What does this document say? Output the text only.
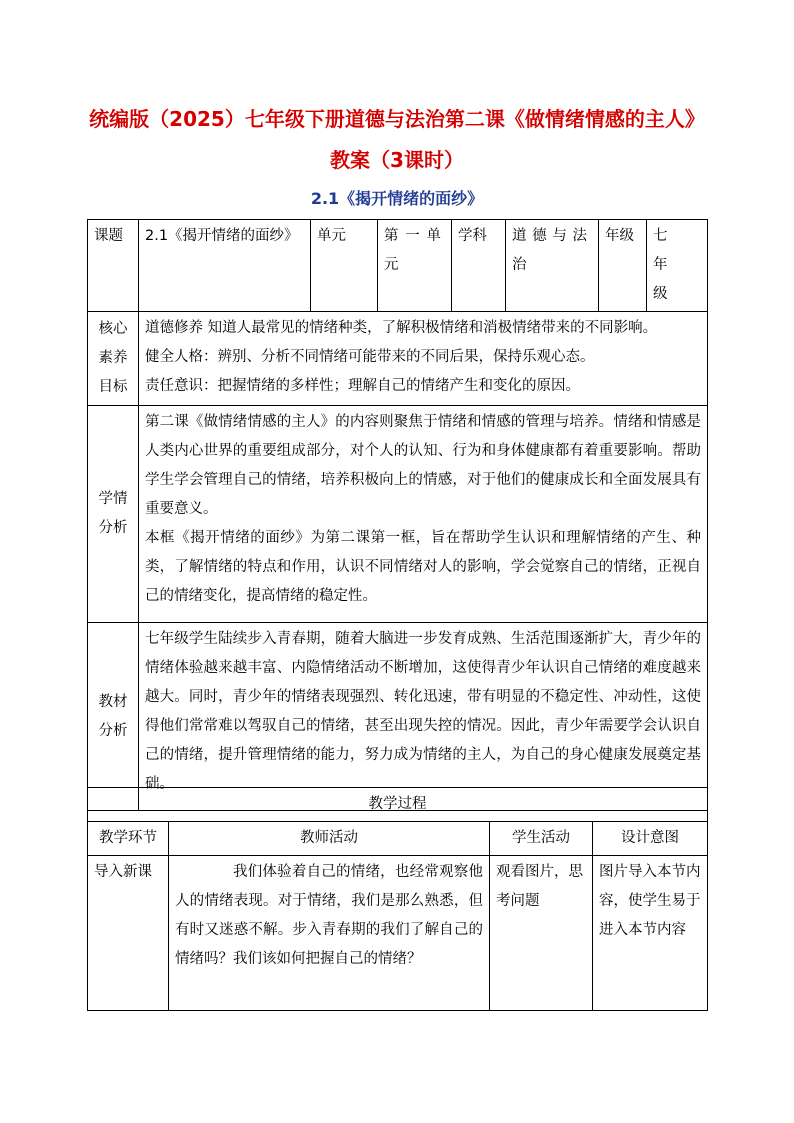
统编版（2025）七年级下册道德与法治第二课《做情绪情感的主人》
教案（3课时）
2.1《揭开情绪的面纱》
课题	2.1《揭开情绪的面纱》	单元	第一单元	学科	道德与法治	年级	七年级
核心素养目标	道德修养 知道人最常见的情绪种类，了解积极情绪和消极情绪带来的不同影响。
健全人格：辨别、分析不同情绪可能带来的不同后果，保持乐观心态。
责任意识：把握情绪的多样性；理解自己的情绪产生和变化的原因。						

学情分析	第二课《做情绪情感的主人》的内容则聚焦于情绪和情感的管理与培养。情绪和情感是人类内心世界的重要组成部分，对个人的认知、行为和身体健康都有着重要影响。帮助学生学会管理自己的情绪，培养积极向上的情感，对于他们的健康成长和全面发展具有重要意义。
本框《揭开情绪的面纱》为第二课第一框，旨在帮助学生认识和理解情绪的产生、种类，了解情绪的特点和作用，认识不同情绪对人的影响，学会觉察自己的情绪，正视自己的情绪变化，提高情绪的稳定性。						

教材分析	七年级学生陆续步入青春期，随着大脑进一步发育成熟、生活范围逐渐扩大，青少年的情绪体验越来越丰富、内隐情绪活动不断增加，这使得青少年认识自己情绪的难度越来越大。同时，青少年的情绪表现强烈、转化迅速，带有明显的不稳定性、冲动性，这使得他们常常难以驾驭自己的情绪，甚至出现失控的情况。因此，青少年需要学会认识自己的情绪，提升管理情绪的能力，努力成为情绪的主人，为自己的身心健康发展奠定基础。						
教学过程			
教学环节	教师活动	学生活动	设计意图
导入新课	我们体验着自己的情绪，也经常观察他人的情绪表现。对于情绪，我们是那么熟悉，但有时又迷惑不解。步入青春期的我们了解自己的情绪吗？我们该如何把握自己的情绪？	观看图片，思考问题	图片导入本节内容，使学生易于进入本节内容
